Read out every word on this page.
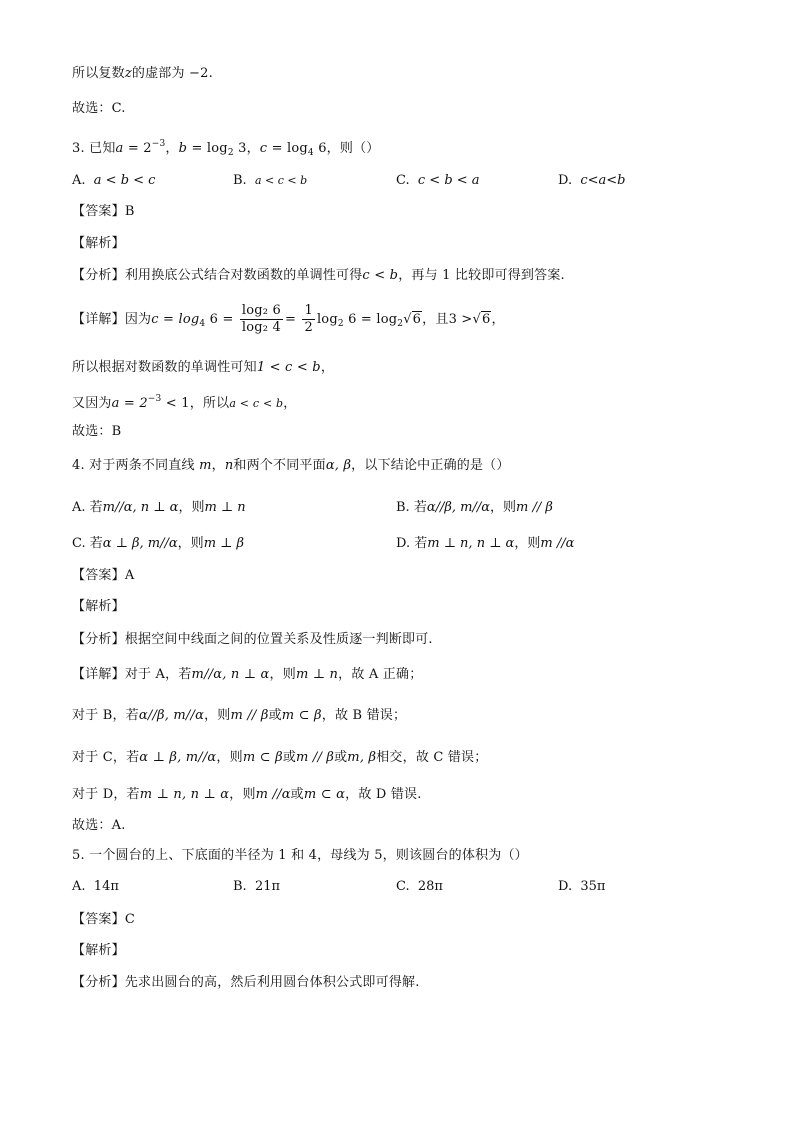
所以复数z的虚部为 −2.
故选：C.
3. 已知$a = 2^{-3}$，$b = \log_2 3$，$c = \log_4 6$，则（）
A. a < b < c	B. a < c < b	C. c < b < a	D. c<a<b
【答案】B
【解析】
【分析】利用换底公式结合对数函数的单调性可得c < b，再与 1 比较即可得到答案.
【详解】因为$c = \log_4 6 = \frac{\text{log₂ 6}}{\text{log₂ 4}} = \frac{1}{2} \log_2 6 = \log_2√6$，且3 >√6，
所以根据对数函数的单调性可知1 < c < b，
又因为$a = 2^{-3} < 1$，所以a < c < b，
故选：B
4. 对于两条不同直线 m，n和两个不同平面α, β，以下结论中正确的是（）
A. 若m//α, n ⊥ α，则m ⊥ n	B. 若α//β, m//α，则m // β
C. 若α ⊥ β, m//α，则m ⊥ β	D. 若m ⊥ n, n ⊥ α，则m //α
【答案】A
【解析】
【分析】根据空间中线面之间的位置关系及性质逐一判断即可.
【详解】对于 A，若m//α, n ⊥ α，则m ⊥ n，故 A 正确；
对于 B，若α//β, m//α，则m // β或m ⊂ β，故 B 错误；
对于 C，若α ⊥ β, m//α，则m ⊂ β或m // β或m, β相交，故 C 错误；
对于 D，若m ⊥ n, n ⊥ α，则m //α或m ⊂ α，故 D 错误.
故选：A.
5. 一个圆台的上、下底面的半径为 1 和 4，母线为 5，则该圆台的体积为（）
A. 14π	B. 21π	C. 28π	D. 35π
【答案】C
【解析】
【分析】先求出圆台的高，然后利用圆台体积公式即可得解.
